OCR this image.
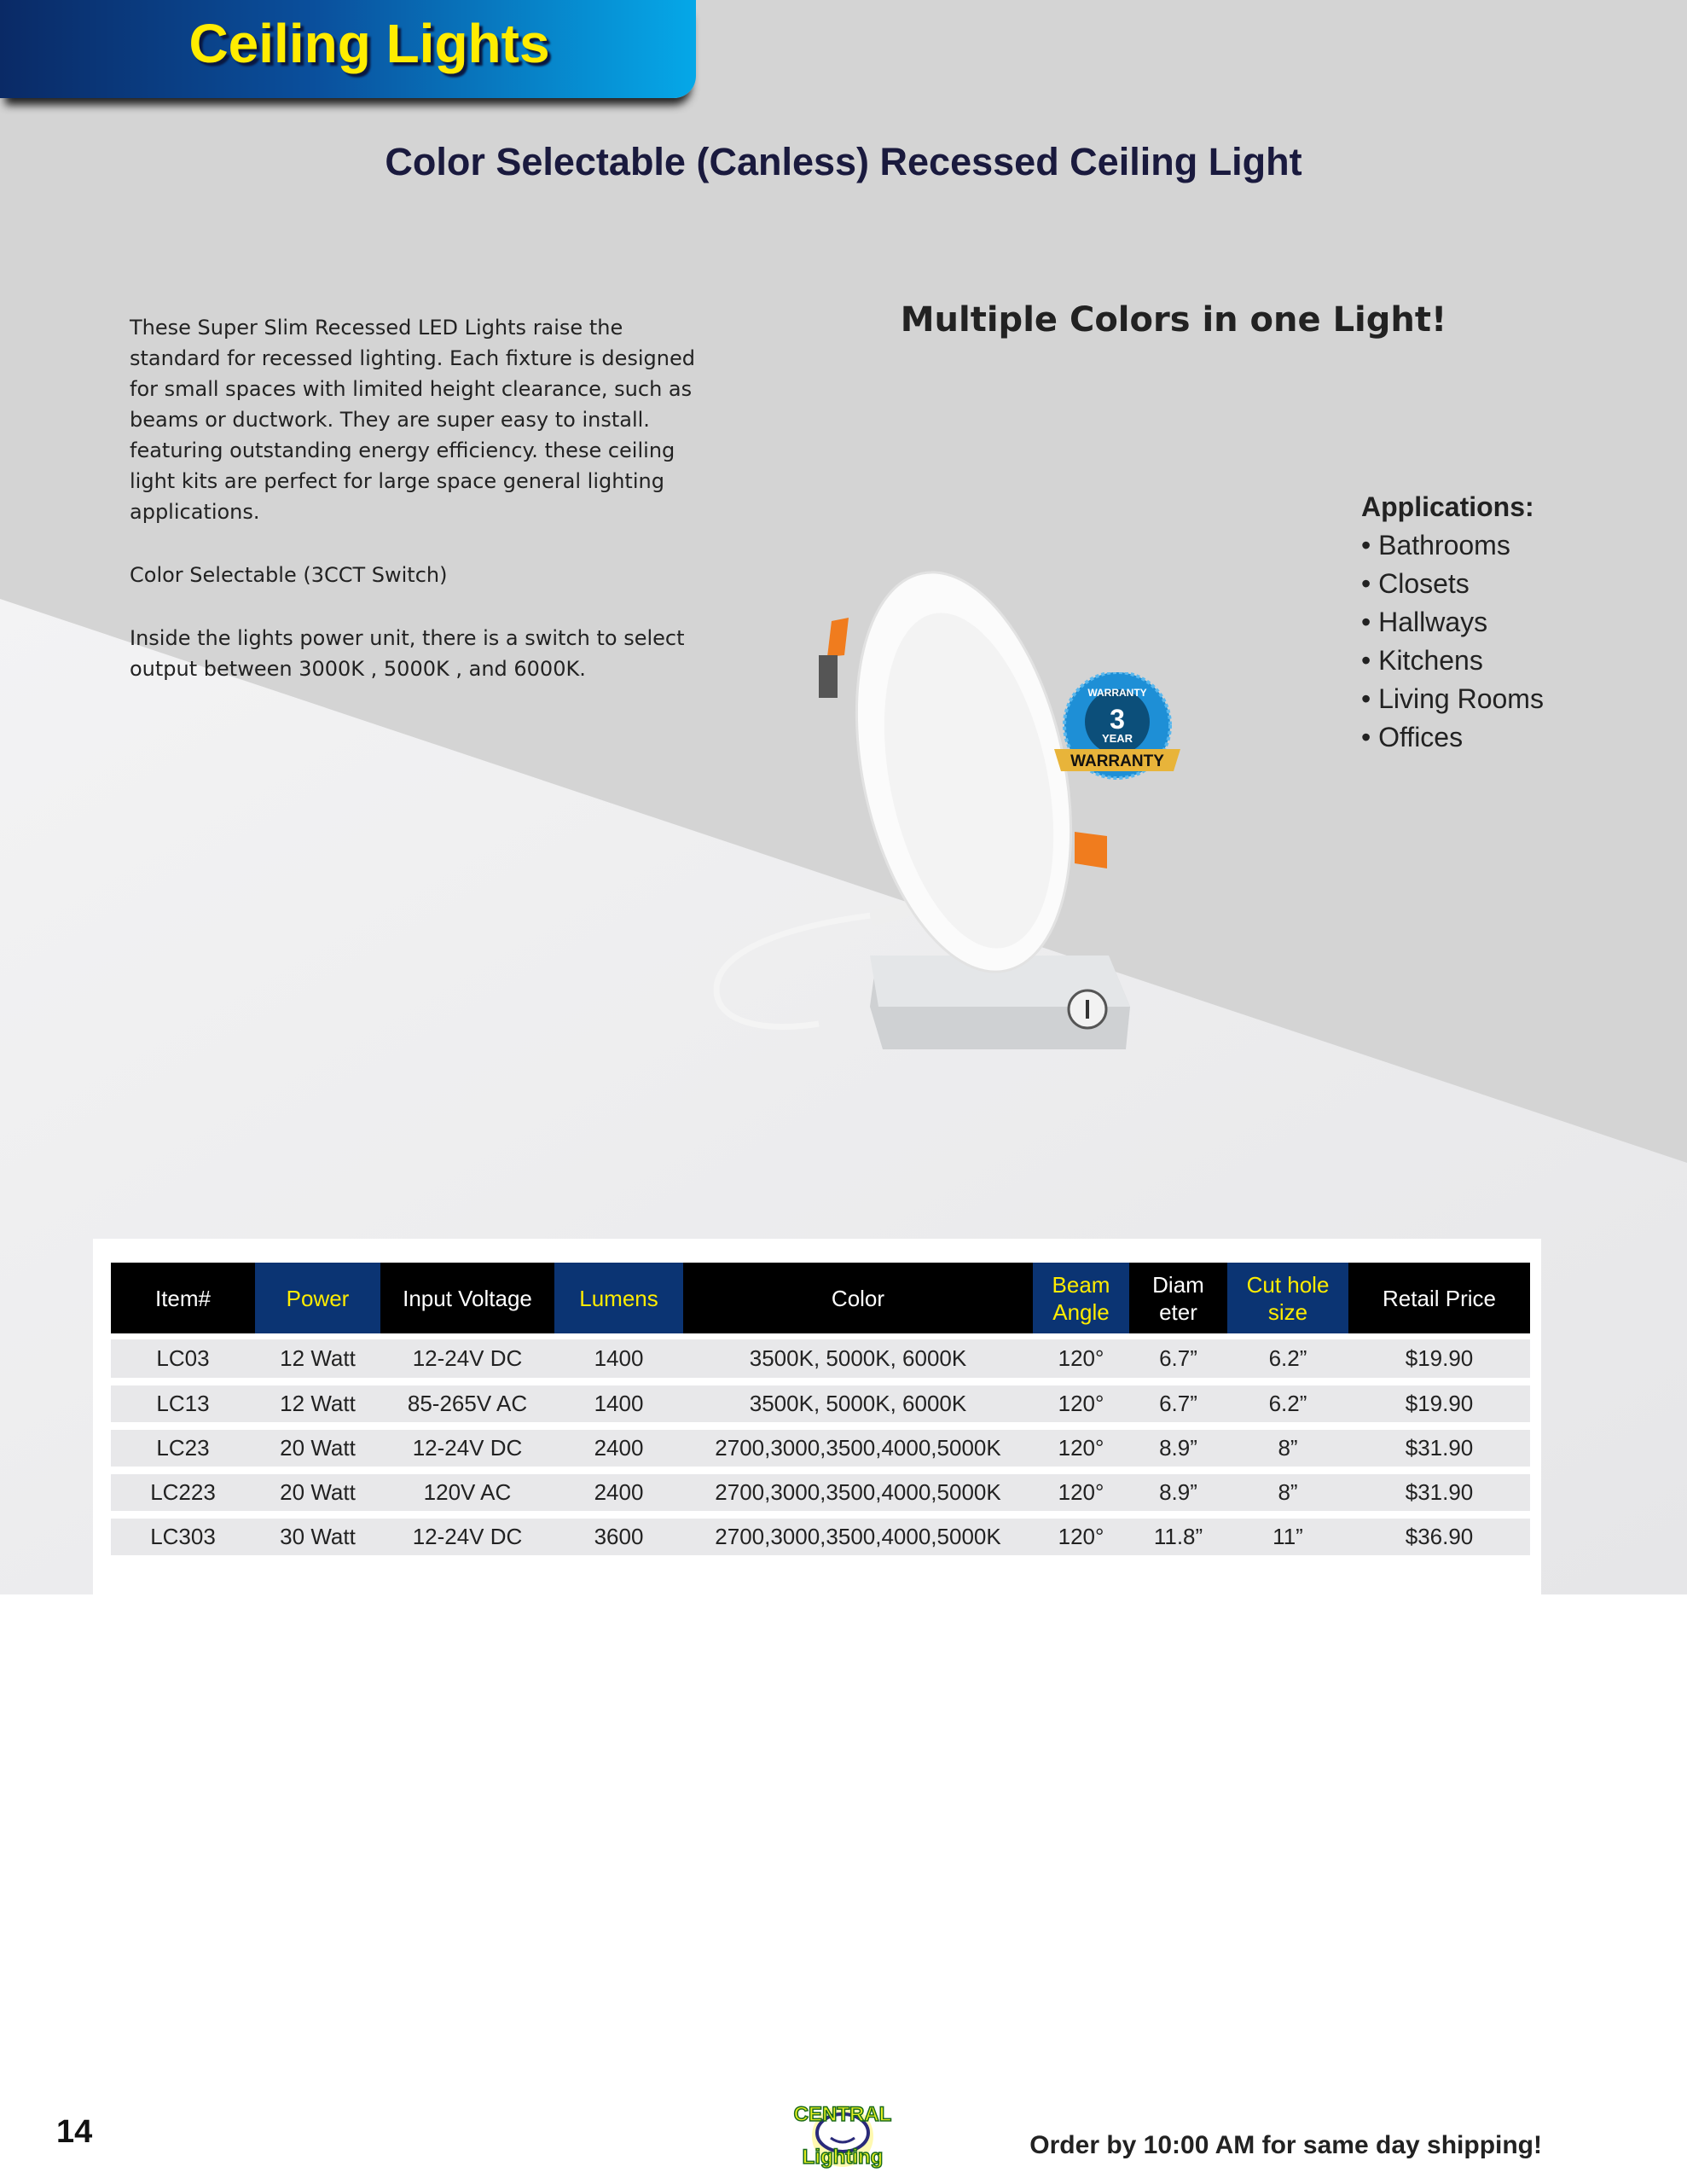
Ceiling Lights
Color Selectable (Canless) Recessed Ceiling Light

These Super Slim Recessed LED Lights raise the standard for recessed lighting. Each fixture is designed for small spaces with limited height clearance, such as beams or ductwork. They are super easy to install. featuring outstanding energy efficiency. these ceiling light kits are perfect for large space general lighting applications.

Color Selectable (3CCT Switch)

Inside the lights power unit, there is a switch to select output between 3000K , 5000K , and 6000K.

Multiple Colors in one Light!
Applications:
• Bathrooms
• Closets
• Hallways
• Kitchens
• Living Rooms
• Offices
WARRANTY
3
YEAR
WARRANTY
Item#	Power	Input Voltage	Lumens	Color	Beam Angle	Diam eter	Cut hole size	Retail Price
LC03	12 Watt	12-24V DC	1400	3500K, 5000K, 6000K	120°	6.7”	6.2”	$19.90
LC13	12 Watt	85-265V AC	1400	3500K, 5000K, 6000K	120°	6.7”	6.2”	$19.90
LC23	20 Watt	12-24V DC	2400	2700,3000,3500,4000,5000K	120°	8.9”	8”	$31.90
LC223	20 Watt	120V AC	2400	2700,3000,3500,4000,5000K	120°	8.9”	8”	$31.90
LC303	30 Watt	12-24V DC	3600	2700,3000,3500,4000,5000K	120°	11.8”	11”	$36.90
14	CENTRAL
Lighting	Order by 10:00 AM for same day shipping!
